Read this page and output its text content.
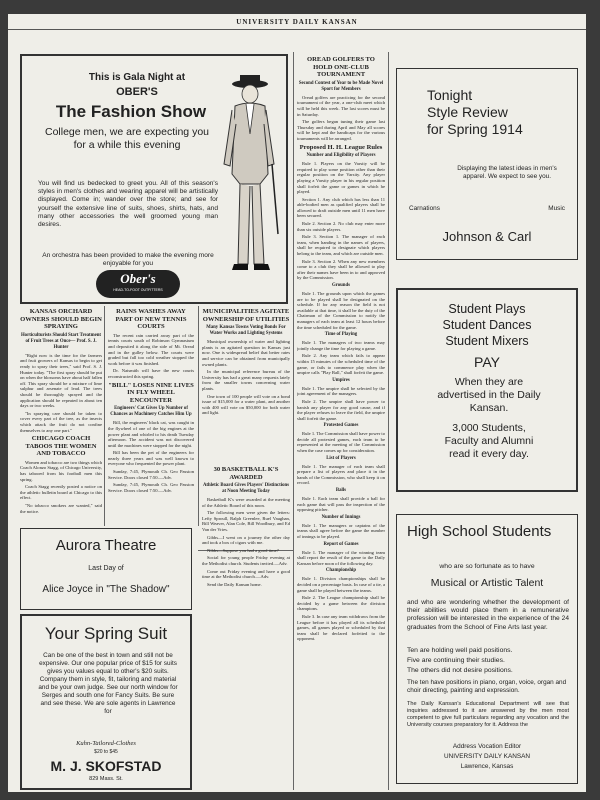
UNIVERSITY DAILY KANSAN
This is Gala Night at
OBER'S
The Fashion Show
College men, we are expecting you for a while this evening
You will find us bedecked to greet you. All of this season's styles in men's clothes and wearing apparel will be artistically displayed. Come in; wander over the store; and see for yourself the extensive line of suits, shoes, shirts, hats, and many other accessories the well groomed young man desires.
An orchestra has been provided to make the evening more enjoyable for you
Ober's
HEAD-TO-FOOT OUTFITTERS
KANSAS ORCHARD OWNERS SHOULD BEGIN SPRAYING
Horticulturists Should Start Treatment of Fruit Trees at Once— Prof. S. J. Hunter

"Right now is the time for the farmers and fruit growers of Kansas to begin to get ready to spray their trees," said Prof. S. J. Hunter today. "The first spray should be put on when the blossoms have about half fallen off. This spray should be a mixture of lime sulphur and arsenate of lead. The trees should be thoroughly sprayed and the application should be repeated in about ten days or two weeks.

"In spraying care should be taken to cover every part of the tree, as the insects which attack the fruit do not confine themselves to any one part."

CHICAGO COACH TABOOS THE WOMEN AND TOBACCO

Women and tobacco are two things which Coach Alonzo Stagg, of Chicago University, has tabooed from his football men this spring.

Coach Stagg recently posted a notice on the athletic bulletin board at Chicago to this effect.

"No tobacco smokers are wanted," said the notice.

RAINS WASHES AWAY PART OF NEW TENNIS COURTS

The recent rain carried away part of the tennis courts south of Robinson Gymnasium and deposited it along the side of Mt. Oread and in the gulley below. The courts were graded but fall too cold weather stopped the work before it was finished.

Dr. Naismith will have the new courts reconstructed this spring.

"BILL" LOSES NINE LIVES IN FLY WHEEL ENCOUNTER
Engineers' Cat Gives Up Number of Chances as Machinery Catches Him Up

Bill, the engineers' black cat, was caught in the flywheel of one of the big engines at the power plant and whirled to his death Tuesday afternoon. The accident was not discovered until the machines were stopped for the night.

Bill has been the pet of the engineers for nearly three years and was well known to everyone who frequented the power plant.

Sunday, 7:45, Plymouth Ch. Geo Passion Service. Doors closed 7:50.—Adv.

Sunday, 7:45, Plymouth Ch. Geo Passion Service. Doors closed 7:50.—Adv.

MUNICIPALITIES AGITATE OWNERSHIP OF UTILITIES
Many Kansas Towns Voting Bonds For Water Works and Lighting Systems

Municipal ownership of water and lighting plants is an agitated question in Kansas just now. One is widespread belief that better rates and service can be obtained from municipally owned plants.

In the municipal reference bureau of the University has had a great many requests lately from the smaller towns concerning water plants.

One town of 100 people will vote on a bond issue of $15,000 for a water plant, and another with 400 will vote on $50,000 for both water and light.

30 BASKETBALL K'S AWARDED
Athletic Board Gives Players' Distinctions at Noon Meeting Today

Basketball K's were awarded at the meeting of the Athletic Board of this noon.

The following men were given the letters: Lefty Sproull, Ralph Greenlee, Ruel Vaughan, Bill Weaver, Alan Cole, Bill Woodbury, and Ed Van der Vries.

Gibbs—I went on a journey the other day and took a box of cigars with me.

Nibbs—Suppose you had a good time?

Social for young people Friday evening at the Methodist church. Students invited.—Adv.

Come out Friday evening and have a good time at the Methodist church.—Adv.

Send the Daily Kansan home.

OREAD GOLFERS TO HOLD ONE-CLUB TOURNAMENT
Second Contest of Year to be Made Novel Sport for Members

Oread golfers are practicing for the second tournament of the year, a one-club meet which will be held this week. The last scores must be in Saturday.

The golfers began tuning their game last Thursday and during April and May all scores will be kept and the handicaps for the various tournaments will be arranged.

Proposed H. H. League Rules
Number and Eligibility of Players

Rule 1. Players on the Varsity will be required to play some position other than their regular position on the Varsity. Any player playing a Varsity player in his regular position shall forfeit the game or games in which he played.

Section 1. Any club which has less than 11 able-bodied men as qualified players shall be allowed to draft outside men until 11 men have been secured.

Rule 2. Section 2. No club may enter more than six outside players.

Rule 3. Section 1. The manager of each team, when handing in the names of players, shall be required to designate which players belong to the team, and which are outside men.

Rule 3. Section 2. When any new members come to a club they shall be allowed to play after their names have been in to and approved by the Commission.

Grounds

Rule 1. The grounds upon which the games are to be played shall be designated on the schedule. If for any reason the field is not available at that time, it shall be the duty of the Chairman of the Commission to notify the managers of each team at least 12 hours before the time scheduled for the game.

Time of Playing

Rule 1. The managers of two teams may jointly change the time for playing a game.

Rule 2. Any team which fails to appear within 15 minutes of the scheduled time of the game, or fails to commence play when the umpire calls "Play Ball," shall forfeit the game.

Umpires

Rule 1. The umpire shall be selected by the joint agreement of the managers.

Rule 2. The umpire shall have power to banish any player for any good cause, and if the player refuses to leave the field, the umpire shall forfeit the game.

Protested Games

Rule 1. The Commission shall have power to decide all protested games, each team to be represented at the meeting of the Commission when the case comes up for consideration.

List of Players

Rule 1. The manager of each team shall prepare a list of players and place it in the hands of the Commission, who shall keep it on record.

Balls

Rule 1. Each team shall provide a ball for each game that will pass the inspection of the opposing pitcher.

Number of Innings

Rule 1. The managers or captains of the teams shall agree before the game the number of innings to be played.

Report of Games

Rule 1. The manager of the winning team shall report the result of the game to the Daily Kansan before noon of the following day.

Championship

Rule 1. Division championships shall be decided on a percentage basis. In case of a tie, a game shall be played between the teams.

Rule 2. The League championship shall be decided by a game between the division champions.

Rule 3. In case any team withdraws from the League before it has played all its scheduled games, all games played or scheduled by that team shall be declared forfeited to the opponent.

Aurora Theatre
Last Day of
Alice Joyce in "The Shadow"
Your Spring Suit
Can be one of the best in town and still not be expensive. Our one popular price of $15 for suits gives you values equal to other's $20 suits. Company them in style, fit, tailoring and material and be your own judge. See our north window for Serges and south one for Fancy Suits. Be sure and see these. We are sole agents in Lawrence for
Kuhn-Tailored-Clothes
$20 to $45
M. J. SKOFSTAD
829 Mass. St.
Tonight
Style Review
for Spring 1914
Displaying the latest ideas in men's apparel. We expect to see you.
Carnations	Music
Johnson & Carl
Student Plays
Student Dances
Student Mixers
PAY
When they are advertised in the Daily Kansan.
3,000 Students, Faculty and Alumni read it every day.
High School Students
who are so fortunate as to have
Musical or Artistic Talent
and who are wondering whether the development of their abilities would place them in a remunerative profession will be interested in the experience of the 24 graduates from the School of Fine Arts last year.
Ten are holding well paid positions.
Five are continuing their studies.
The others did not desire positions.
The ten have positions in piano, organ, voice, organ and choir directing, painting and expression.
The Daily Kansan's Educational Department will see that inquiries addressed to it are answered by the men most competent to give full particulars regarding any vocation and the University courses preparatory for it. Address the
Address Vocation Editor
UNIVERSITY DAILY KANSAN
Lawrence, Kansas
